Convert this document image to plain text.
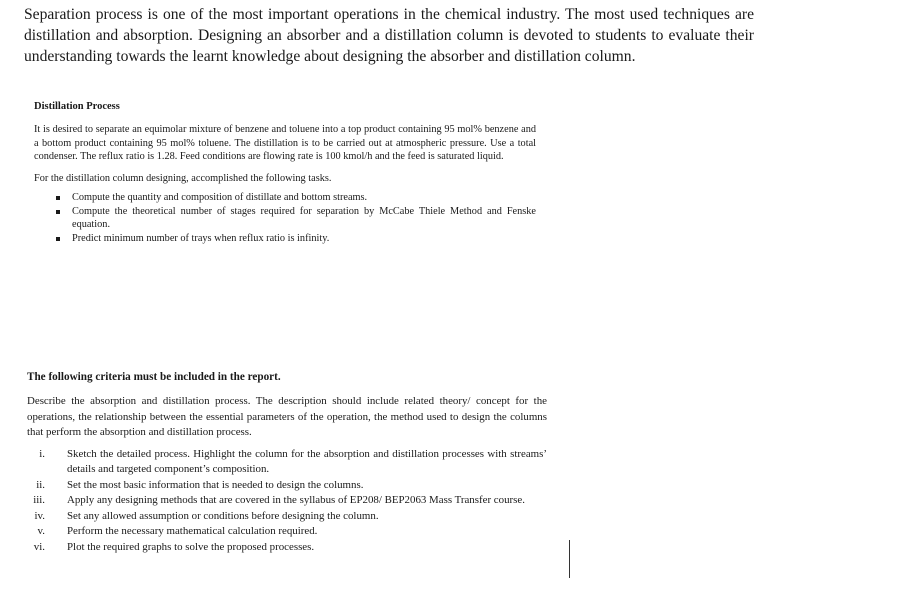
Separation process is one of the most important operations in the chemical industry. The most used techniques are distillation and absorption. Designing an absorber and a distillation column is devoted to students to evaluate their understanding towards the learnt knowledge about designing the absorber and distillation column.

Distillation Process

It is desired to separate an equimolar mixture of benzene and toluene into a top product containing 95 mol% benzene and a bottom product containing 95 mol% toluene. The distillation is to be carried out at atmospheric pressure. Use a total condenser. The reflux ratio is 1.28. Feed conditions are flowing rate is 100 kmol/h and the feed is saturated liquid.

For the distillation column designing, accomplished the following tasks.

Compute the quantity and composition of distillate and bottom streams.
Compute the theoretical number of stages required for separation by McCabe Thiele Method and Fenske equation.
Predict minimum number of trays when reflux ratio is infinity.

The following criteria must be included in the report.

Describe the absorption and distillation process. The description should include related theory/ concept for the operations, the relationship between the essential parameters of the operation, the method used to design the columns that perform the absorption and distillation process.

i. Sketch the detailed process. Highlight the column for the absorption and distillation processes with streams’ details and targeted component’s composition.
ii. Set the most basic information that is needed to design the columns.
iii. Apply any designing methods that are covered in the syllabus of EP208/ BEP2063 Mass Transfer course.
iv. Set any allowed assumption or conditions before designing the column.
v. Perform the necessary mathematical calculation required.
vi. Plot the required graphs to solve the proposed processes.
